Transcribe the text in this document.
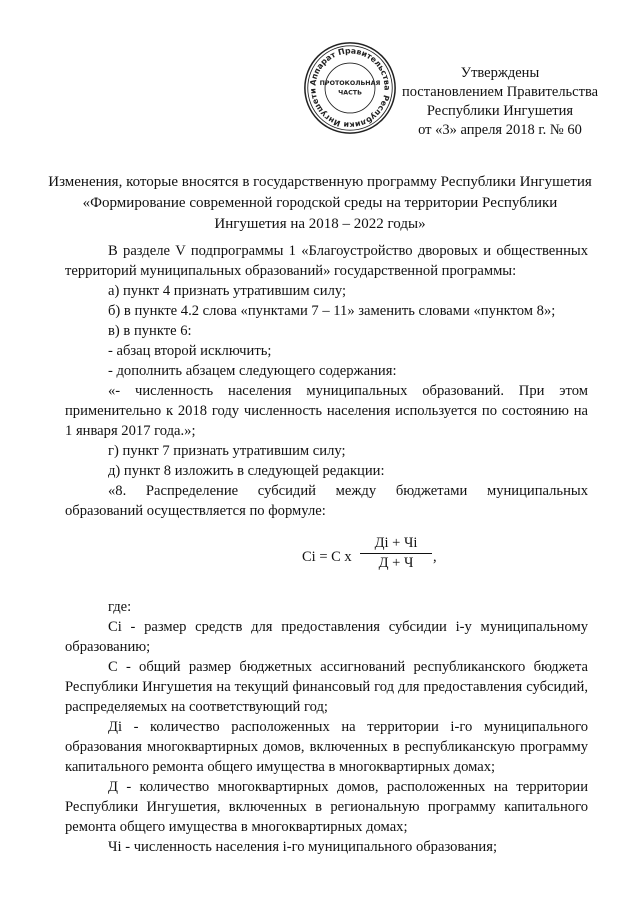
Аппарат Правительства
Республики Ингушети
ПРОТОКОЛЬНАЯ
ЧАСТЬ
Утверждены
постановлением Правительства
Республики Ингушетия
от «3» апреля 2018 г. № 60
Изменения, которые вносятся в государственную программу Республики Ингушетия
«Формирование современной городской среды на территории Республики
Ингушетия на 2018 – 2022 годы»
В разделе V подпрограммы 1 «Благоустройство дворовых и общественных территорий муниципальных образований» государственной программы:
а) пункт 4 признать утратившим силу;
б) в пункте 4.2 слова «пунктами 7 – 11» заменить словами «пунктом 8»;
в) в пункте 6:
- абзац второй исключить;
- дополнить абзацем следующего содержания:
«- численность населения муниципальных образований. При этом применительно к 2018 году численность населения используется по состоянию на 1 января 2017 года.»;
г) пункт 7 признать утратившим силу;
д) пункт 8 изложить в следующей редакции:
«8. Распределение субсидий между бюджетами муниципальных образований осуществляется по формуле:
Сi = С х
Дi + Чi
Д + Ч	,
где:
Сi - размер средств для предоставления субсидии i-у муниципальному образованию;
С - общий размер бюджетных ассигнований республиканского бюджета Республики Ингушетия на текущий финансовый год для предоставления субсидий, распределяемых на соответствующий год;
Дi - количество расположенных на территории i-го муниципального образования многоквартирных домов, включенных в республиканскую программу капитального ремонта общего имущества в многоквартирных домах;
Д - количество многоквартирных домов, расположенных на территории Республики Ингушетия, включенных в региональную программу капитального ремонта общего имущества в многоквартирных домах;
Чi - численность населения i-го муниципального образования;
